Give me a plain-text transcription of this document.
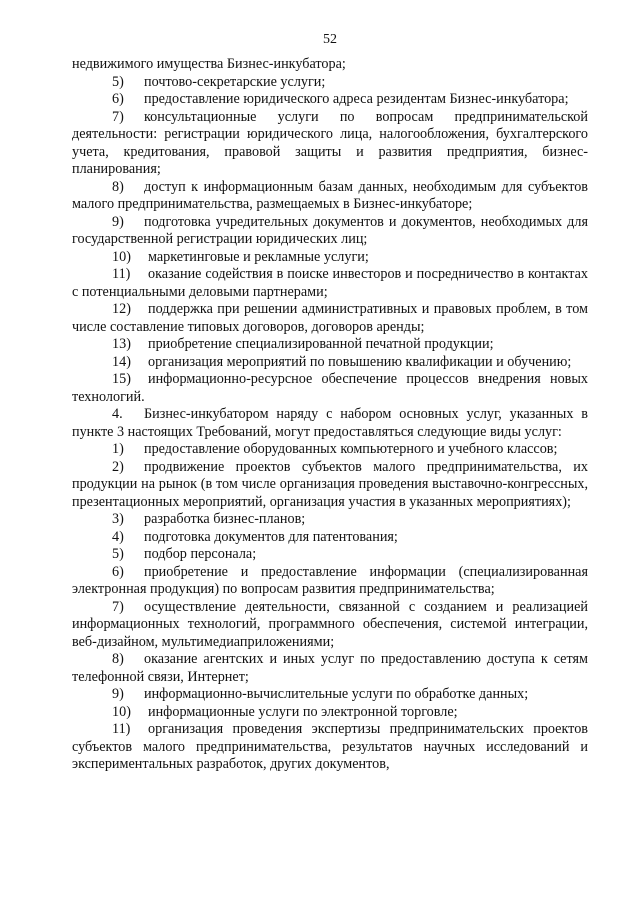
52

недвижимого имущества Бизнес-инкубатора;

5) почтово-секретарские услуги;

6) предоставление юридического адреса резидентам Бизнес-инкубатора;

7) консультационные услуги по вопросам предпринимательской деятельности: регистрации юридического лица, налогообложения, бухгалтерского учета, кредитования, правовой защиты и развития предприятия, бизнес-планирования;

8) доступ к информационным базам данных, необходимым для субъектов малого предпринимательства, размещаемых в Бизнес-инкубаторе;

9) подготовка учредительных документов и документов, необходимых для государственной регистрации юридических лиц;

10) маркетинговые и рекламные услуги;

11) оказание содействия в поиске инвесторов и посредничество в контактах с потенциальными деловыми партнерами;

12) поддержка при решении административных и правовых проблем, в том числе составление типовых договоров, договоров аренды;

13) приобретение специализированной печатной продукции;

14) организация мероприятий по повышению квалификации и обучению;

15) информационно-ресурсное обеспечение процессов внедрения новых технологий.

4. Бизнес-инкубатором наряду с набором основных услуг, указанных в пункте 3 настоящих Требований, могут предоставляться следующие виды услуг:

1) предоставление оборудованных компьютерного и учебного классов;

2) продвижение проектов субъектов малого предпринимательства, их продукции на рынок (в том числе организация проведения выставочно-конгрессных, презентационных мероприятий, организация участия в указанных мероприятиях);

3) разработка бизнес-планов;

4) подготовка документов для патентования;

5) подбор персонала;

6) приобретение и предоставление информации (специализированная электронная продукция) по вопросам развития предпринимательства;

7) осуществление деятельности, связанной с созданием и реализацией информационных технологий, программного обеспечения, системой интеграции, веб-дизайном, мультимедиаприложениями;

8) оказание агентских и иных услуг по предоставлению доступа к сетям телефонной связи, Интернет;

9) информационно-вычислительные услуги по обработке данных;

10) информационные услуги по электронной торговле;

11) организация проведения экспертизы предпринимательских проектов субъектов малого предпринимательства, результатов научных исследований и экспериментальных разработок, других документов,
